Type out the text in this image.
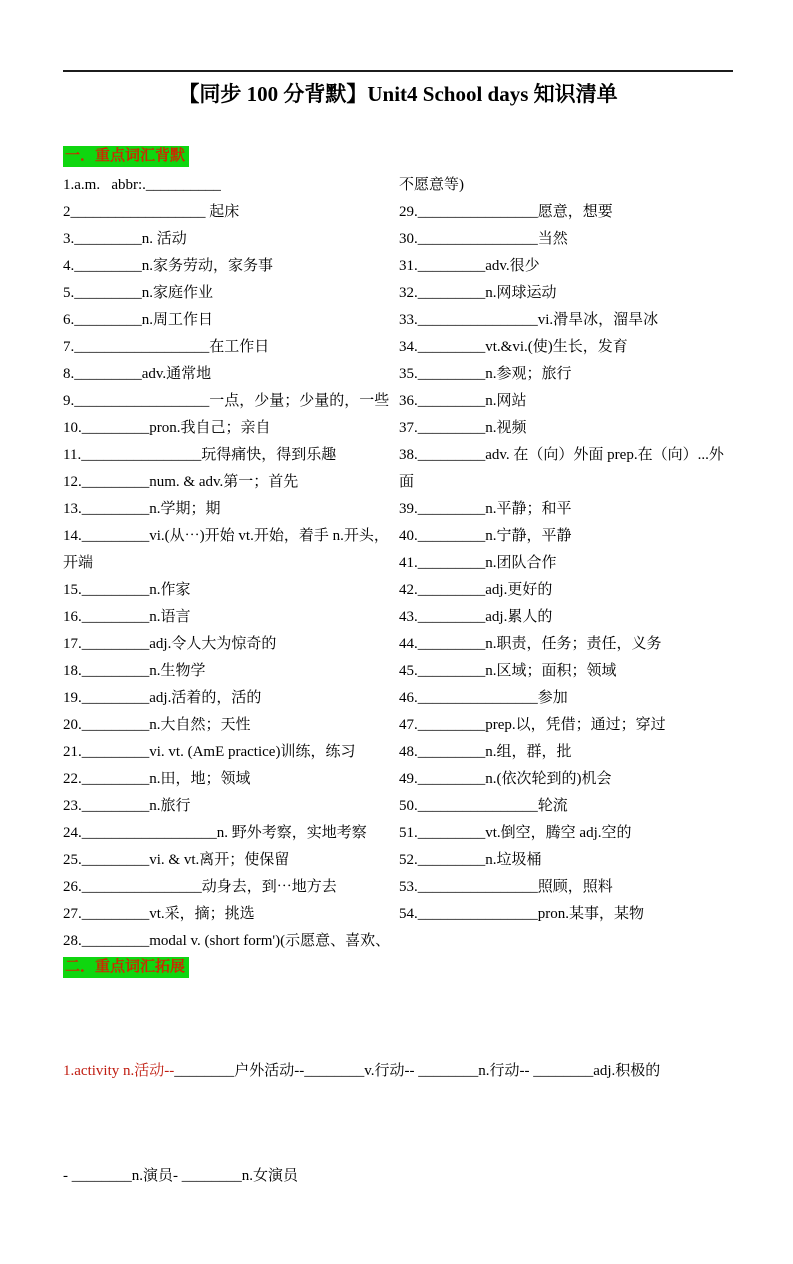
【同步 100 分背默】Unit4 School days 知识清单
一．重点词汇背默
1.a.m.   abbr:.__________
2__________________ 起床
3._________n. 活动
4._________n.家务劳动，家务事
5._________n.家庭作业
6._________n.周工作日
7.__________________在工作日
8._________adv.通常地
9.__________________一点，少量；少量的，一些
10._________pron.我自己；亲自
11.________________玩得痛快，得到乐趣
12._________num. & adv.第一；首先
13._________n.学期；期
14._________vi.(从⋯)开始 vt.开始，着手 n.开头，开端
15._________n.作家
16._________n.语言
17._________adj.令人大为惊奇的
18._________n.生物学
19._________adj.活着的，活的
20._________n.大自然；天性
21._________vi. vt. (AmE practice)训练，练习
22._________n.田，地；领域
23._________n.旅行
24.__________________n. 野外考察，实地考察
25._________vi. & vt.离开；使保留
26.________________动身去，到⋯地方去
27._________vt.采，摘；挑选
28._________modal v. (short form')(示愿意、喜欢、
不愿意等)
29.________________愿意，想要
30.________________当然
31._________adv.很少
32._________n.网球运动
33.________________vi.滑旱冰，溜旱冰
34._________vt.&vi.(使)生长，发育
35._________n.参观；旅行
36._________n.网站
37._________n.视频
38._________adv. 在（向）外面 prep.在（向）...外面
39._________n.平静；和平
40._________n.宁静，平静
41._________n.团队合作
42._________adj.更好的
43._________adj.累人的
44._________n.职责，任务；责任，义务
45._________n.区域；面积；领域
46.________________参加
47._________prep.以，凭借；通过；穿过
48._________n.组，群，批
49._________n.(依次轮到的)机会
50.________________轮流
51._________vt.倒空，腾空 adj.空的
52._________n.垃圾桶
53.________________照顾，照料
54.________________pron.某事，某物
二．重点词汇拓展

1.activity n.活动--________户外活动--________v.行动-- ________n.行动-- ________adj.积极的

- ________n.演员- ________n.女演员
